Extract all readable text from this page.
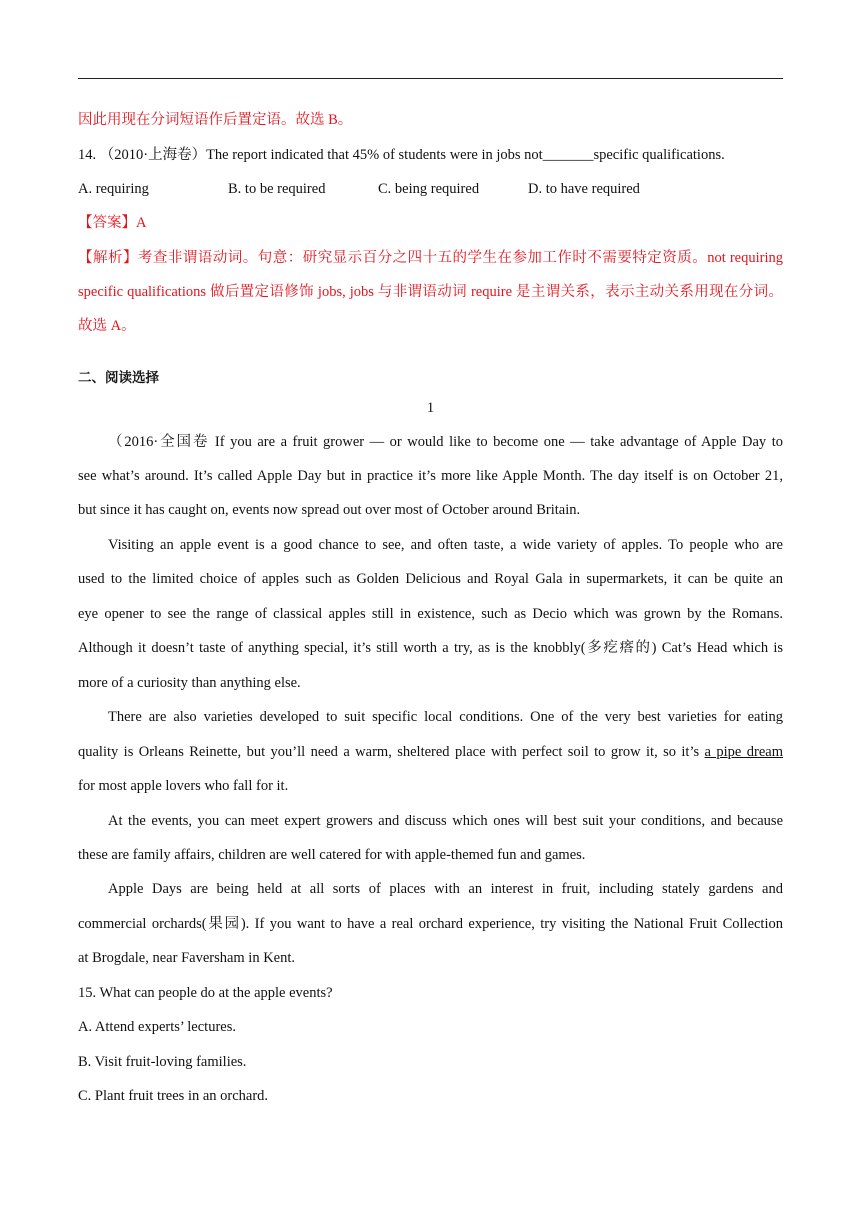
因此用现在分词短语作后置定语。故选 B。
14. （2010·上海卷）The report indicated that 45% of students were in jobs not_______specific qualifications.
A. requiring	B. to be required	C. being required	D. to have required
【答案】A
【解析】考查非谓语动词。句意：研究显示百分之四十五的学生在参加工作时不需要特定资质。not requiring
specific qualifications 做后置定语修饰 jobs, jobs 与非谓语动词 require 是主谓关系，表示主动关系用现在分词。
故选 A。
二、阅读选择
1
（2016·全国卷 If you are a fruit grower — or would like to become one — take advantage of Apple Day to
see what’s around. It’s called Apple Day but in practice it’s more like Apple Month. The day itself is on October 21,
but since it has caught on, events now spread out over most of October around Britain.
Visiting an apple event is a good chance to see, and often taste, a wide variety of apples. To people who are
used to the limited choice of apples such as Golden Delicious and Royal Gala in supermarkets, it can be quite an
eye opener to see the range of classical apples still in existence, such as Decio which was grown by the Romans.
Although it doesn’t taste of anything special, it’s still worth a try, as is the knobbly(多疙瘩的) Cat’s Head which is
more of a curiosity than anything else.
There are also varieties developed to suit specific local conditions. One of the very best varieties for eating
quality is Orleans Reinette, but you’ll need a warm, sheltered place with perfect soil to grow it, so it’s a pipe dream
for most apple lovers who fall for it.
At the events, you can meet expert growers and discuss which ones will best suit your conditions, and because
these are family affairs, children are well catered for with apple-themed fun and games.
Apple Days are being held at all sorts of places with an interest in fruit, including stately gardens and
commercial orchards(果园). If you want to have a real orchard experience, try visiting the National Fruit Collection
at Brogdale, near Faversham in Kent.
15. What can people do at the apple events?
A. Attend experts’ lectures.
B. Visit fruit-loving families.
C. Plant fruit trees in an orchard.
